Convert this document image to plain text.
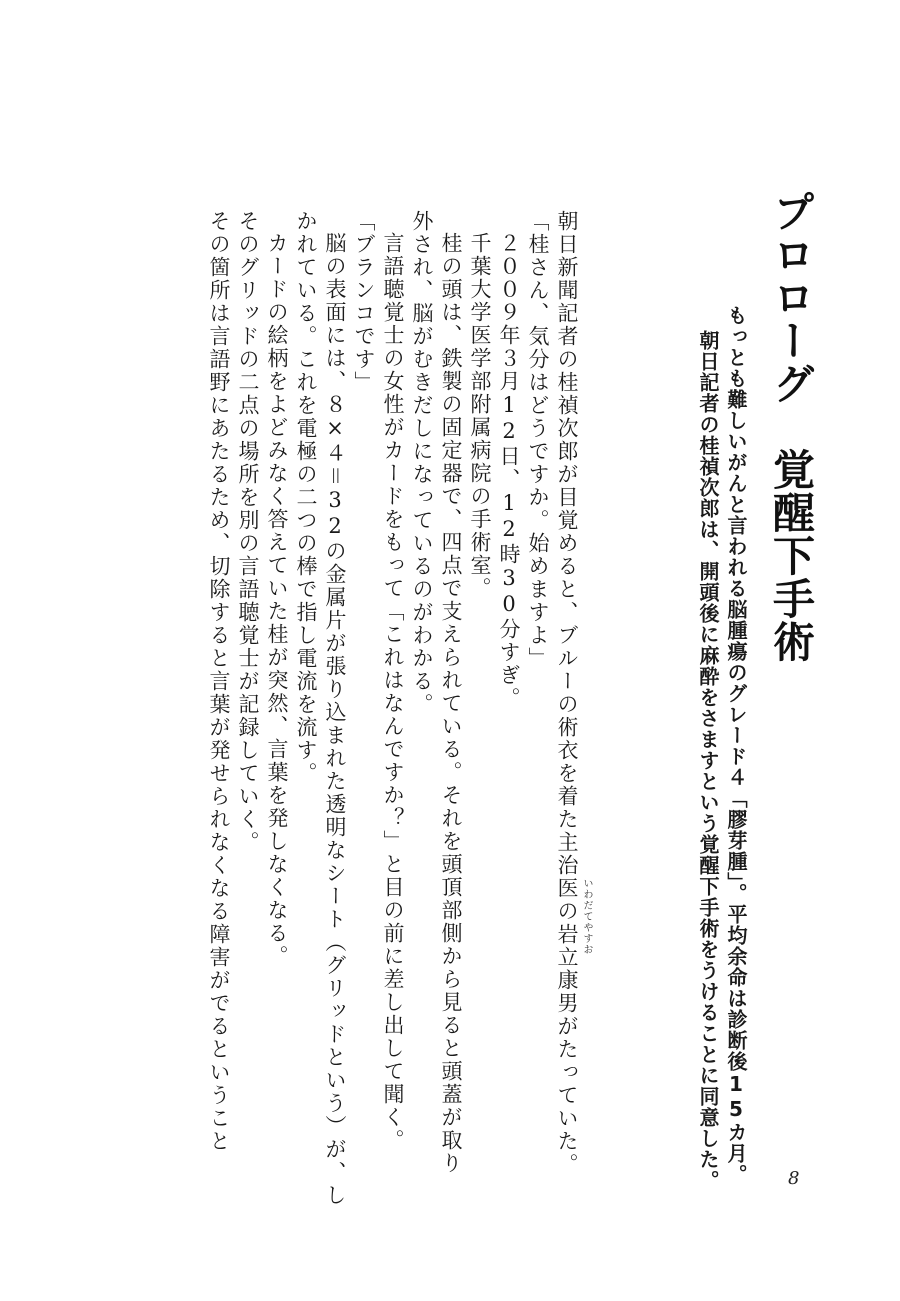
プロローグ　覚醒下手術

もっとも難しいがんと言われる脳腫瘍のグレード４「膠芽腫」。平均余命は診断後15カ月。

朝日記者の桂禎次郎は、開頭後に麻酔をさますという覚醒下手術をうけることに同意した。

いわだてやすお

朝日新聞記者の桂禎次郎が目覚めると、ブルーの術衣を着た主治医の岩立康男がたっていた。

「桂さん、気分はどうですか。始めますよ」

２００９年３月12日、12時30分すぎ。

千葉大学医学部附属病院の手術室。

桂の頭は、鉄製の固定器で、四点で支えられている。それを頭頂部側から見ると頭蓋が取り

外され、脳がむきだしになっているのがわかる。

言語聴覚士の女性がカードをもって「これはなんですか？」と目の前に差し出して聞く。

「ブランコです」

脳の表面には、８×４＝32の金属片が張り込まれた透明なシート（グリッドという）が、し

かれている。これを電極の二つの棒で指し電流を流す。

カードの絵柄をよどみなく答えていた桂が突然、言葉を発しなくなる。

そのグリッドの二点の場所を別の言語聴覚士が記録していく。

その箇所は言語野にあたるため、切除すると言葉が発せられなくなる障害がでるということ

8
